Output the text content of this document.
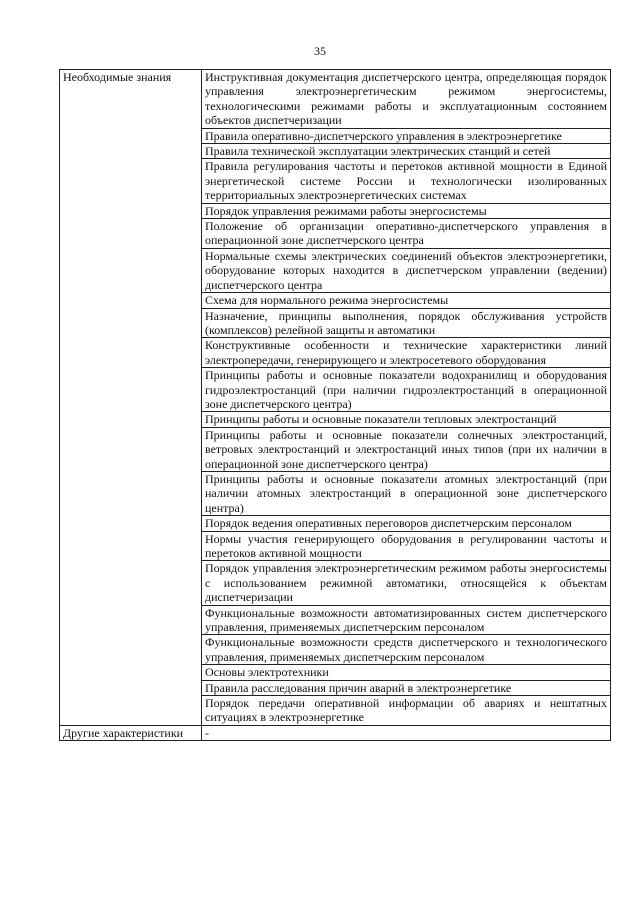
35
Необходимые знания	Инструктивная документация диспетчерского центра, определяющая порядок управления электроэнергетическим режимом энергосистемы, технологическими режимами работы и эксплуатационным состоянием объектов диспетчеризации
	Правила оперативно-диспетчерского управления в электроэнергетике
	Правила технической эксплуатации электрических станций и сетей
	Правила регулирования частоты и перетоков активной мощности в Единой энергетической системе России и технологически изолированных территориальных электроэнергетических системах
	Порядок управления режимами работы энергосистемы
	Положение об организации оперативно-диспетчерского управления в операционной зоне диспетчерского центра
	Нормальные схемы электрических соединений объектов электроэнергетики, оборудование которых находится в диспетчерском управлении (ведении) диспетчерского центра
	Схема для нормального режима энергосистемы
	Назначение, принципы выполнения, порядок обслуживания устройств (комплексов) релейной защиты и автоматики
	Конструктивные особенности и технические характеристики линий электропередачи, генерирующего и электросетевого оборудования
	Принципы работы и основные показатели водохранилищ и оборудования гидроэлектростанций (при наличии гидроэлектростанций в операционной зоне диспетчерского центра)
	Принципы работы и основные показатели тепловых электростанций
	Принципы работы и основные показатели солнечных электростанций, ветровых электростанций и электростанций иных типов (при их наличии в операционной зоне диспетчерского центра)
	Принципы работы и основные показатели атомных электростанций (при наличии атомных электростанций в операционной зоне диспетчерского центра)
	Порядок ведения оперативных переговоров диспетчерским персоналом
	Нормы участия генерирующего оборудования в регулировании частоты и перетоков активной мощности
	Порядок управления электроэнергетическим режимом работы энергосистемы с использованием режимной автоматики, относящейся к объектам диспетчеризации
	Функциональные возможности автоматизированных систем диспетчерского управления, применяемых диспетчерским персоналом
	Функциональные возможности средств диспетчерского и технологического управления, применяемых диспетчерским персоналом
	Основы электротехники
	Правила расследования причин аварий в электроэнергетике
	Порядок передачи оперативной информации об авариях и нештатных ситуациях в электроэнергетике
Другие характеристики	-
